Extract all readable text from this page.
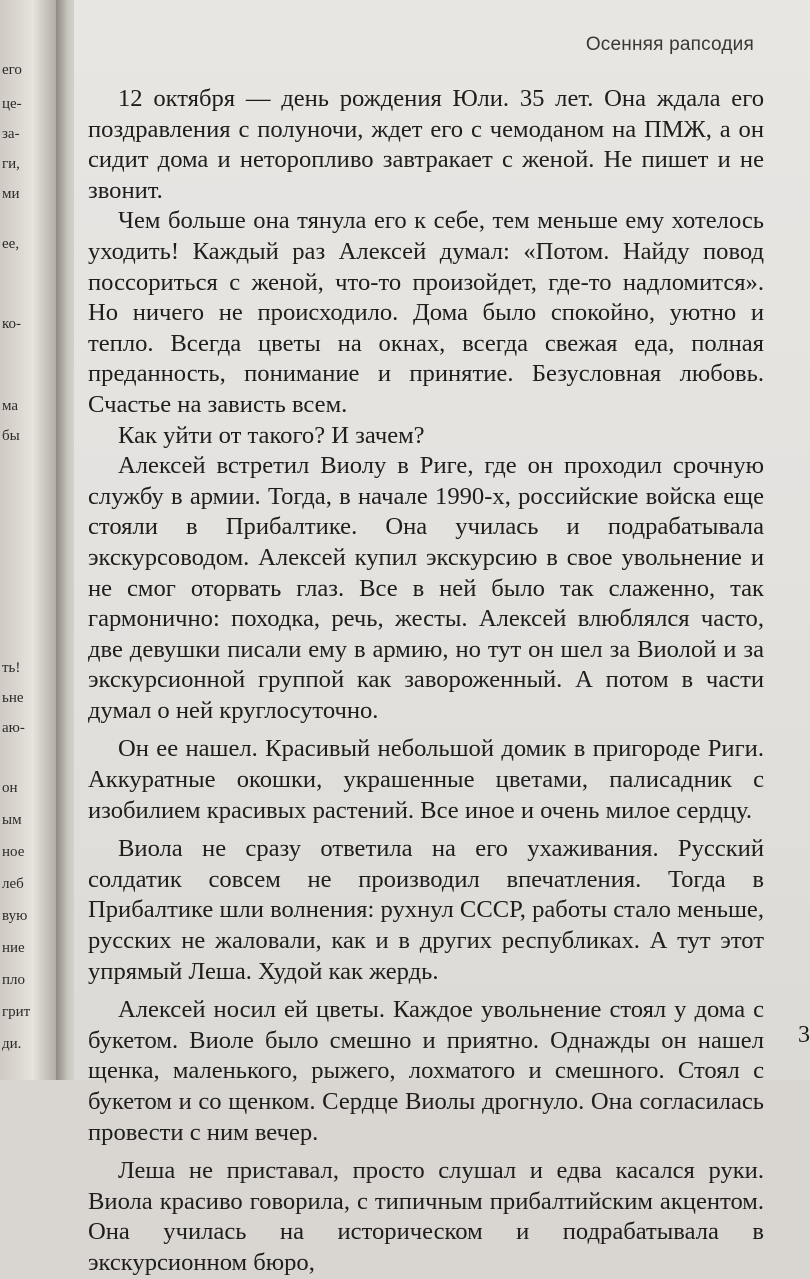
его
це-
за-
ги,
ми
ее,
ко-
ма
бы
ть!
ьне
аю-
он
ым
ное
леб
вую
ние
пло
грит
ди.
Осенняя рапсодия

12 октября — день рождения Юли. 35 лет. Она ждала его поздравления с полуночи, ждет его с чемоданом на ПМЖ, а он сидит дома и неторопливо завтракает с женой. Не пишет и не звонит.

Чем больше она тянула его к себе, тем меньше ему хотелось уходить! Каждый раз Алексей думал: «Потом. Найду повод поссориться с женой, что-то произойдет, где-то надломится». Но ничего не происходило. Дома было спокойно, уютно и тепло. Всегда цветы на окнах, всегда свежая еда, полная преданность, понимание и принятие. Безусловная любовь. Счастье на зависть всем.

Как уйти от такого? И зачем?

Алексей встретил Виолу в Риге, где он проходил срочную службу в армии. Тогда, в начале 1990-х, российские войска еще стояли в Прибалтике. Она училась и подрабатывала экскурсоводом. Алексей купил экскурсию в свое увольнение и не смог оторвать глаз. Все в ней было так слаженно, так гармонично: походка, речь, жесты. Алексей влюблялся часто, две девушки писали ему в армию, но тут он шел за Виолой и за экскурсионной группой как завороженный. А потом в части думал о ней круглосуточно.

Он ее нашел. Красивый небольшой домик в пригороде Риги. Аккуратные окошки, украшенные цветами, палисадник с изобилием красивых растений. Все иное и очень милое сердцу.

Виола не сразу ответила на его ухаживания. Русский солдатик совсем не производил впечатления. Тогда в Прибалтике шли волнения: рухнул СССР, работы стало меньше, русских не жаловали, как и в других республиках. А тут этот упрямый Леша. Худой как жердь.

Алексей носил ей цветы. Каждое увольнение стоял у дома с букетом. Виоле было смешно и приятно. Однажды он нашел щенка, маленького, рыжего, лохматого и смешного. Стоял с букетом и со щенком. Сердце Виолы дрогнуло. Она согласилась провести с ним вечер.

Леша не приставал, просто слушал и едва касался руки. Виола красиво говорила, с типичным прибалтийским акцентом. Она училась на историческом и подрабатывала в экскурсионном бюро,

3
